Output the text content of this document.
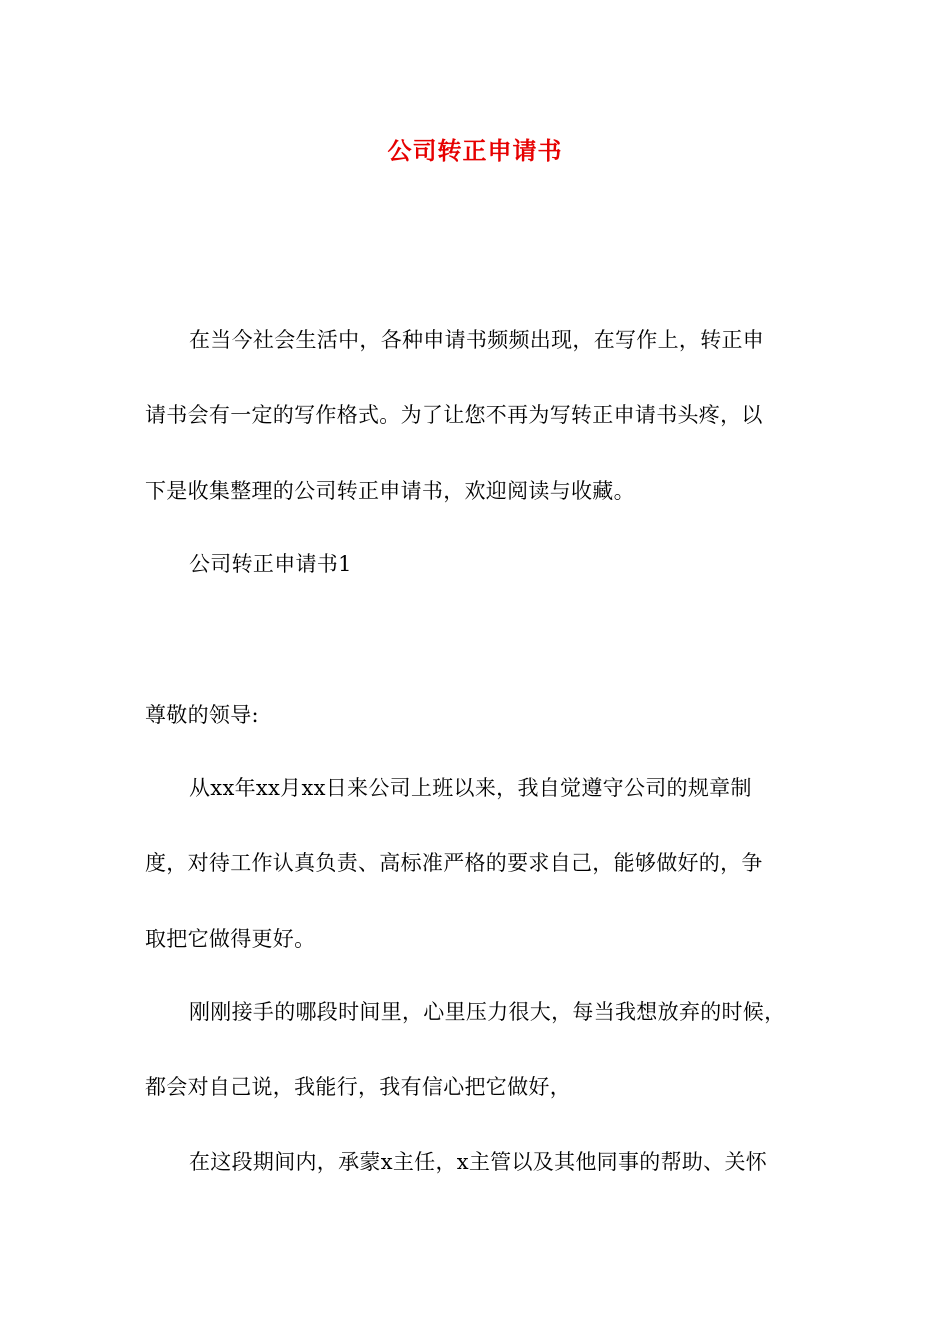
公司转正申请书
在当今社会生活中，各种申请书频频出现，在写作上，转正申
请书会有一定的写作格式。为了让您不再为写转正申请书头疼，以
下是收集整理的公司转正申请书，欢迎阅读与收藏。
公司转正申请书1
尊敬的领导:
从xx年xx月xx日来公司上班以来，我自觉遵守公司的规章制
度，对待工作认真负责、高标准严格的要求自己，能够做好的，争
取把它做得更好。
刚刚接手的哪段时间里，心里压力很大，每当我想放弃的时候，
都会对自己说，我能行，我有信心把它做好，
在这段期间内，承蒙x主任，x主管以及其他同事的帮助、关怀
